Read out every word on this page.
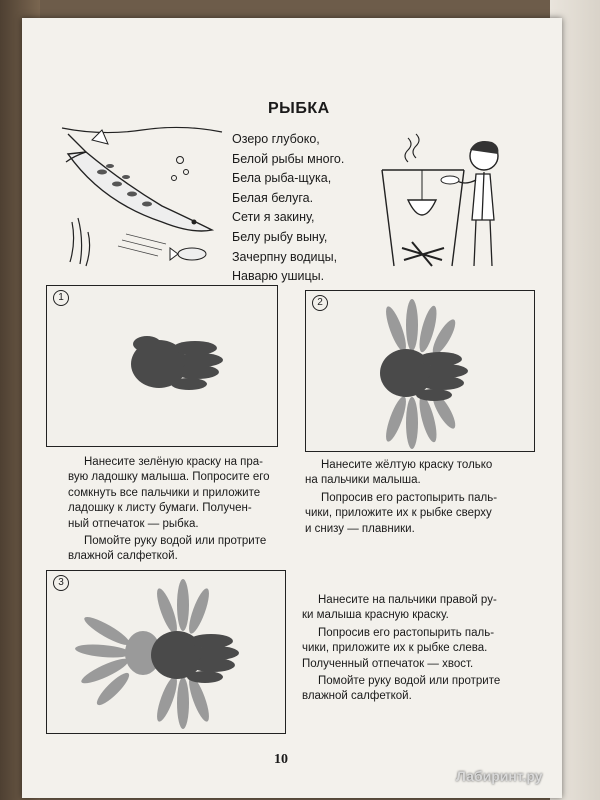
РЫБКА
Озеро глубоко,
Белой рыбы много.
Бела рыба-щука,
Белая белуга.
Сети я закину,
Белу рыбу выну,
Зачерпну водицы,
Наварю ушицы.
1

Нанесите зелёную краску на пра-

вую ладошку малыша. Попросите его

сомкнуть все пальчики и приложите

ладошку к листу бумаги. Получен-

ный отпечаток — рыбка.

Помойте руку водой или протрите

влажной салфеткой.

2

Нанесите жёлтую краску только

на пальчики малыша.

Попросив его растопырить паль-

чики, приложите их к рыбке сверху

и снизу — плавники.

3

Нанесите на пальчики правой ру-

ки малыша красную краску.

Попросив его растопырить паль-

чики, приложите их к рыбке слева.

Полученный отпечаток — хвост.

Помойте руку водой или протрите

влажной салфеткой.

10
Лабиринт.ру
